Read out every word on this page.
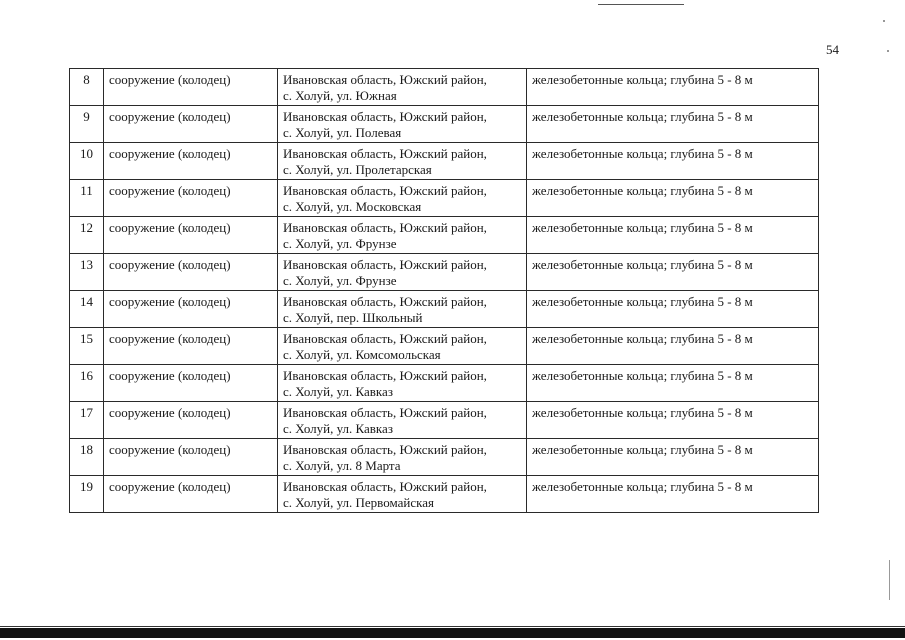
54
8	сооружение (колодец)	Ивановская область, Южский район,
с. Холуй, ул. Южная	железобетонные кольца; глубина 5 - 8 м
9	сооружение (колодец)	Ивановская область, Южский район,
с. Холуй, ул. Полевая	железобетонные кольца; глубина 5 - 8 м
10	сооружение (колодец)	Ивановская область, Южский район,
с. Холуй, ул. Пролетарская	железобетонные кольца; глубина 5 - 8 м
11	сооружение (колодец)	Ивановская область, Южский район,
с. Холуй, ул. Московская	железобетонные кольца; глубина 5 - 8 м
12	сооружение (колодец)	Ивановская область, Южский район,
с. Холуй, ул. Фрунзе	железобетонные кольца; глубина 5 - 8 м
13	сооружение (колодец)	Ивановская область, Южский район,
с. Холуй, ул. Фрунзе	железобетонные кольца; глубина 5 - 8 м
14	сооружение (колодец)	Ивановская область, Южский район,
с. Холуй, пер. Школьный	железобетонные кольца; глубина 5 - 8 м
15	сооружение (колодец)	Ивановская область, Южский район,
с. Холуй, ул. Комсомольская	железобетонные кольца; глубина 5 - 8 м
16	сооружение (колодец)	Ивановская область, Южский район,
с. Холуй, ул. Кавказ	железобетонные кольца; глубина 5 - 8 м
17	сооружение (колодец)	Ивановская область, Южский район,
с. Холуй, ул. Кавказ	железобетонные кольца; глубина 5 - 8 м
18	сооружение (колодец)	Ивановская область, Южский район,
с. Холуй, ул. 8 Марта	железобетонные кольца; глубина 5 - 8 м
19	сооружение (колодец)	Ивановская область, Южский район,
с. Холуй, ул. Первомайская	железобетонные кольца; глубина 5 - 8 м
